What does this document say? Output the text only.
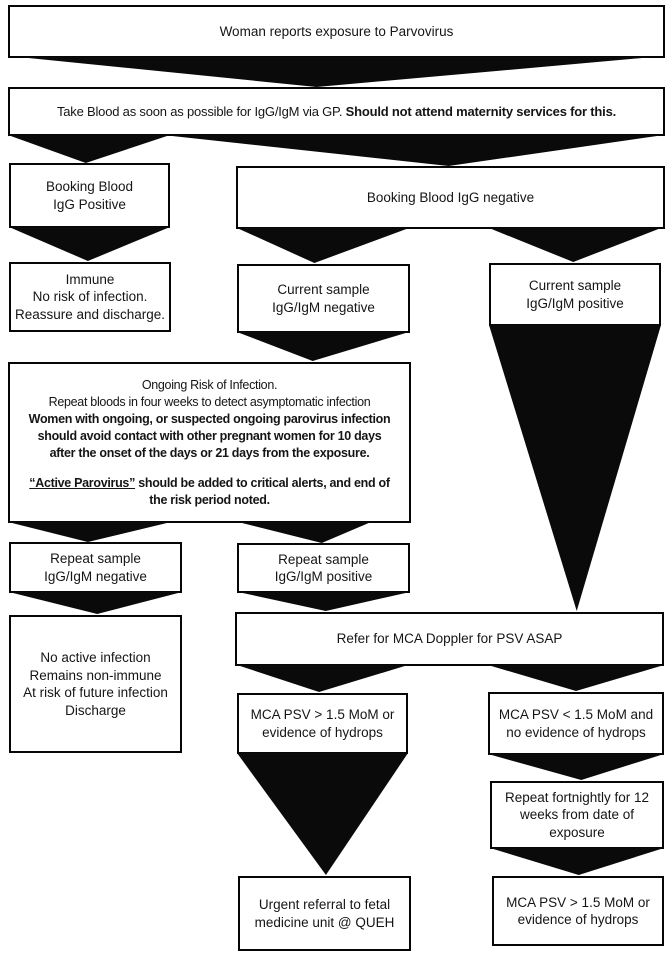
Woman reports exposure to Parvovirus
Take Blood as soon as possible for IgG/IgM via GP. Should not attend maternity services for this.
Booking Blood
IgG Positive	Booking Blood IgG negative
Immune
No risk of infection.
Reassure and discharge.
Current sample
IgG/IgM negative
Current sample
IgG/IgM positive
Ongoing Risk of Infection.
Repeat bloods in four weeks to detect asymptomatic infection
Women with ongoing, or suspected ongoing parovirus infection
should avoid contact with other pregnant women for 10 days
after the onset of the days or 21 days from the exposure.
“Active Parovirus” should be added to critical alerts, and end of
the risk period noted.
Repeat sample
IgG/IgM negative
Repeat sample
IgG/IgM positive
No active infection
Remains non-immune
At risk of future infection
Discharge
Refer for MCA Doppler for PSV ASAP
MCA PSV > 1.5 MoM or
evidence of hydrops
MCA PSV < 1.5 MoM and
no evidence of hydrops
Repeat fortnightly for 12
weeks from date of
exposure
Urgent referral to fetal
medicine unit @ QUEH
MCA PSV > 1.5 MoM or
evidence of hydrops
